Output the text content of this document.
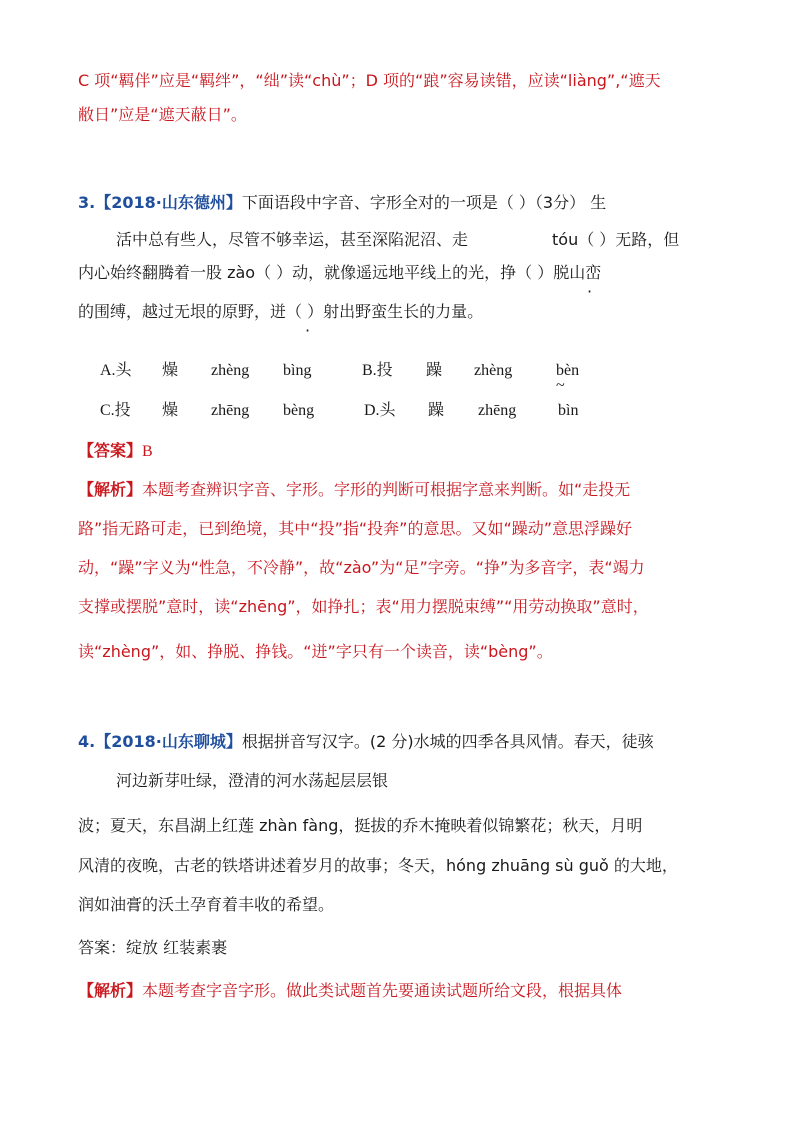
C 项“羁伴”应是“羁绊”，“绌”读“chù”；D 项的“踉”容易读错，应读“liàng”,“遮天
敝日”应是“遮天蔽日”。
3.【2018·山东德州】下面语段中字音、字形全对的一项是（ ）（3分） 生
活中总有些人，尽管不够幸运，甚至深陷泥沼、走	tóu（ ）无路，但
内心始终翻腾着一股 zào（ ）动，就像遥远地平线上的光，挣（ ）脱山峦
·
的围缚，越过无垠的原野，迸（ ）射出野蛮生长的力量。
·
A.头 燥 zhèng bìng	B.投 躁 zhèng	bèn
~
C.投 燥 zhēng bèng	D.头 躁 zhēng	bìn
【答案】B
【解析】本题考查辨识字音、字形。字形的判断可根据字意来判断。如“走投无
路”指无路可走，已到绝境，其中“投”指“投奔”的意思。又如“躁动”意思浮躁好
动，“躁”字义为“性急，不冷静”，故“zào”为“足”字旁。“挣”为多音字，表“竭力
支撑或摆脱”意时，读“zhēng”，如挣扎；表“用力摆脱束缚”“用劳动换取”意时，
读“zhèng”，如、挣脱、挣钱。“迸”字只有一个读音，读“bèng”。
4.【2018·山东聊城】根据拼音写汉字。(2 分)水城的四季各具风情。春天，徒骇
河边新芽吐绿，澄清的河水荡起层层银
波；夏天，东昌湖上红莲 zhàn fàng，挺拔的乔木掩映着似锦繁花；秋天，月明
风清的夜晚，古老的铁塔讲述着岁月的故事；冬天，hóng zhuāng sù guǒ 的大地，
润如油膏的沃土孕育着丰收的希望。
答案：绽放 红装素裹
【解析】本题考查字音字形。做此类试题首先要通读试题所给文段，根据具体
